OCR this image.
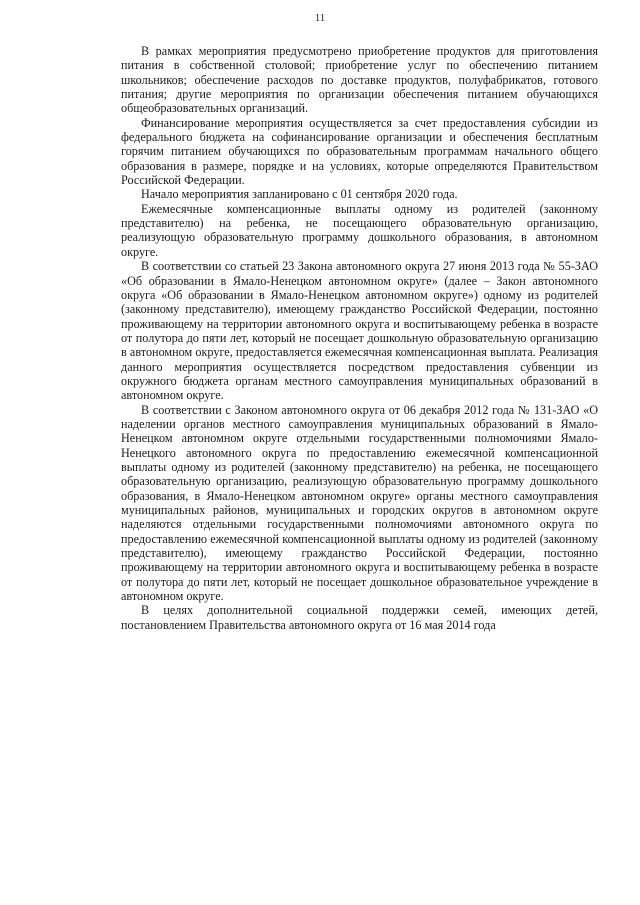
11

В рамках мероприятия предусмотрено приобретение продуктов для приготовления питания в собственной столовой; приобретение услуг по обеспечению питанием школьников; обеспечение расходов по доставке продуктов, полуфабрикатов, готового питания; другие мероприятия по организации обеспечения питанием обучающихся общеобразовательных организаций.

Финансирование мероприятия осуществляется за счет предоставления субсидии из федерального бюджета на софинансирование организации и обеспечения бесплатным горячим питанием обучающихся по образовательным программам начального общего образования в размере, порядке и на условиях, которые определяются Правительством Российской Федерации.

Начало мероприятия запланировано с 01 сентября 2020 года.

Ежемесячные компенсационные выплаты одному из родителей (законному представителю) на ребенка, не посещающего образовательную организацию, реализующую образовательную программу дошкольного образования, в автономном округе.

В соответствии со статьей 23 Закона автономного округа 27 июня 2013 года № 55-ЗАО «Об образовании в Ямало-Ненецком автономном округе» (далее – Закон автономного округа «Об образовании в Ямало-Ненецком автономном округе») одному из родителей (законному представителю), имеющему гражданство Российской Федерации, постоянно проживающему на территории автономного округа и воспитывающему ребенка в возрасте от полутора до пяти лет, который не посещает дошкольную образовательную организацию в автономном округе, предоставляется ежемесячная компенсационная выплата. Реализация данного мероприятия осуществляется посредством предоставления субвенции из окружного бюджета органам местного самоуправления муниципальных образований в автономном округе.

В соответствии с Законом автономного округа от 06 декабря 2012 года № 131-ЗАО «О наделении органов местного самоуправления муниципальных образований в Ямало-Ненецком автономном округе отдельными государственными полномочиями Ямало-Ненецкого автономного округа по предоставлению ежемесячной компенсационной выплаты одному из родителей (законному представителю) на ребенка, не посещающего образовательную организацию, реализующую образовательную программу дошкольного образования, в Ямало-Ненецком автономном округе» органы местного самоуправления муниципальных районов, муниципальных и городских округов в автономном округе наделяются отдельными государственными полномочиями автономного округа по предоставлению ежемесячной компенсационной выплаты одному из родителей (законному представителю), имеющему гражданство Российской Федерации, постоянно проживающему на территории автономного округа и воспитывающему ребенка в возрасте от полутора до пяти лет, который не посещает дошкольное образовательное учреждение в автономном округе.

В целях дополнительной социальной поддержки семей, имеющих детей, постановлением Правительства автономного округа от 16 мая 2014 года
